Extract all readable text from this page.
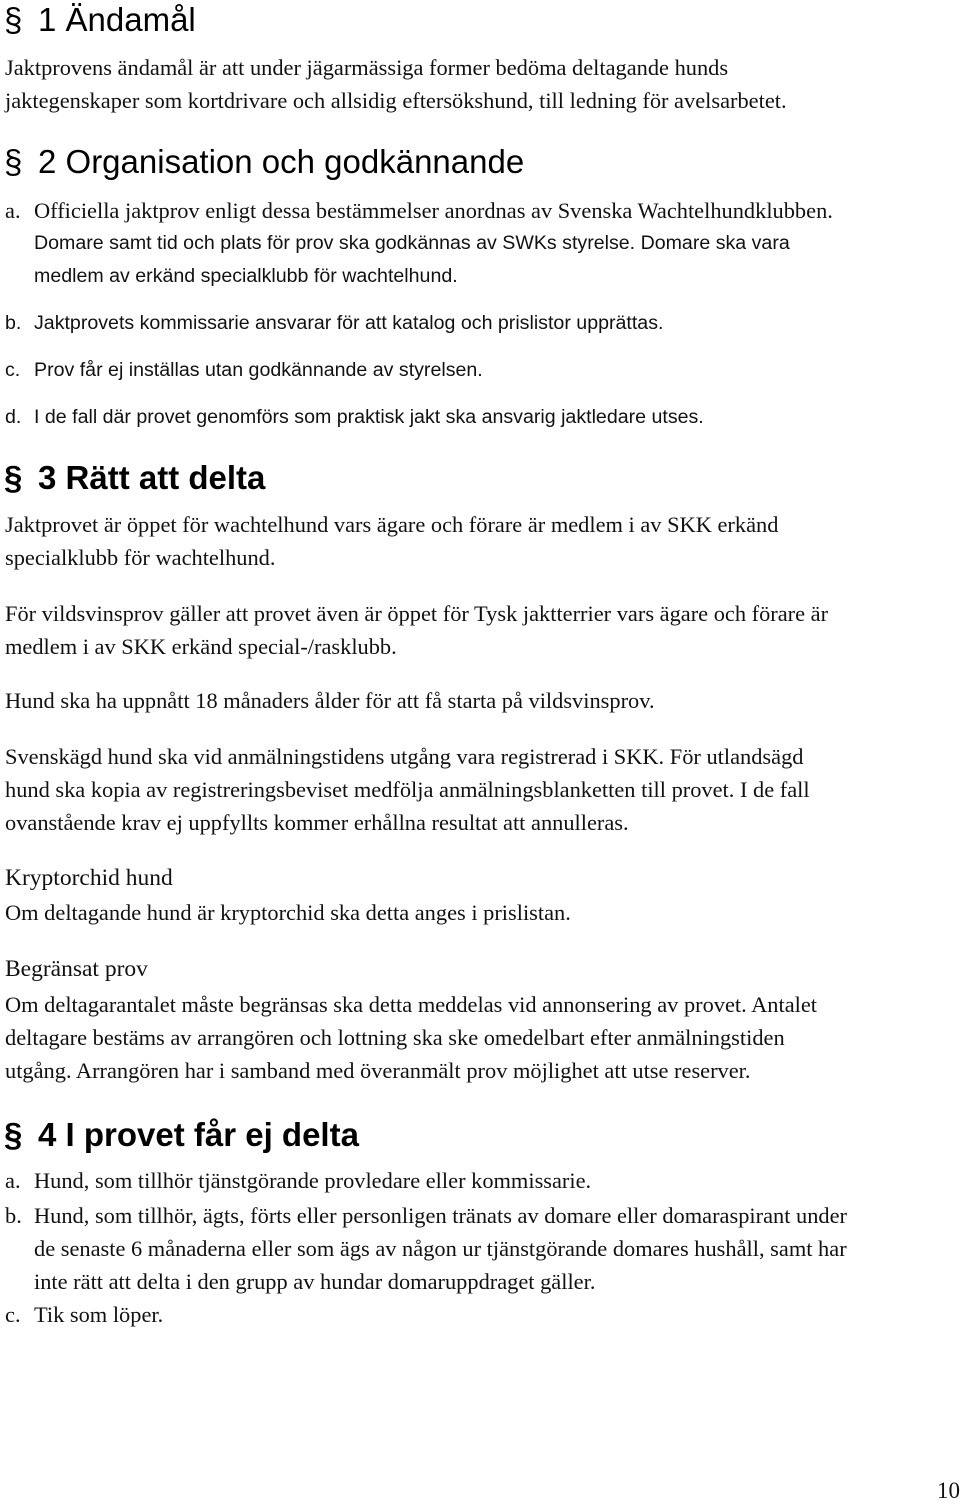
§ 1 Ändamål

Jaktprovens ändamål är att under jägarmässiga former bedöma deltagande hunds

jaktegenskaper som kortdrivare och allsidig eftersökshund, till ledning för avelsarbetet.

§ 2 Organisation och godkännande
a. Officiella jaktprov enligt dessa bestämmelser anordnas av Svenska Wachtelhundklubben.
Domare samt tid och plats för prov ska godkännas av SWKs styrelse. Domare ska vara
medlem av erkänd specialklubb för wachtelhund.
b. Jaktprovets kommissarie ansvarar för att katalog och prislistor upprättas.
c. Prov får ej inställas utan godkännande av styrelsen.
d. I de fall där provet genomförs som praktisk jakt ska ansvarig jaktledare utses.
§ 3 Rätt att delta

Jaktprovet är öppet för wachtelhund vars ägare och förare är medlem i av SKK erkänd

specialklubb för wachtelhund.

För vildsvinsprov gäller att provet även är öppet för Tysk jaktterrier vars ägare och förare är

medlem i av SKK erkänd special-/rasklubb.

Hund ska ha uppnått 18 månaders ålder för att få starta på vildsvinsprov.

Svenskägd hund ska vid anmälningstidens utgång vara registrerad i SKK. För utlandsägd

hund ska kopia av registreringsbeviset medfölja anmälningsblanketten till provet. I de fall

ovanstående krav ej uppfyllts kommer erhållna resultat att annulleras.

Kryptorchid hund

Om deltagande hund är kryptorchid ska detta anges i prislistan.

Begränsat prov

Om deltagarantalet måste begränsas ska detta meddelas vid annonsering av provet. Antalet

deltagare bestäms av arrangören och lottning ska ske omedelbart efter anmälningstiden

utgång. Arrangören har i samband med överanmält prov möjlighet att utse reserver.

§ 4 I provet får ej delta
a. Hund, som tillhör tjänstgörande provledare eller kommissarie.
b. Hund, som tillhör, ägts, förts eller personligen tränats av domare eller domaraspirant under
de senaste 6 månaderna eller som ägs av någon ur tjänstgörande domares hushåll, samt har
inte rätt att delta i den grupp av hundar domaruppdraget gäller.
c. Tik som löper.
10
